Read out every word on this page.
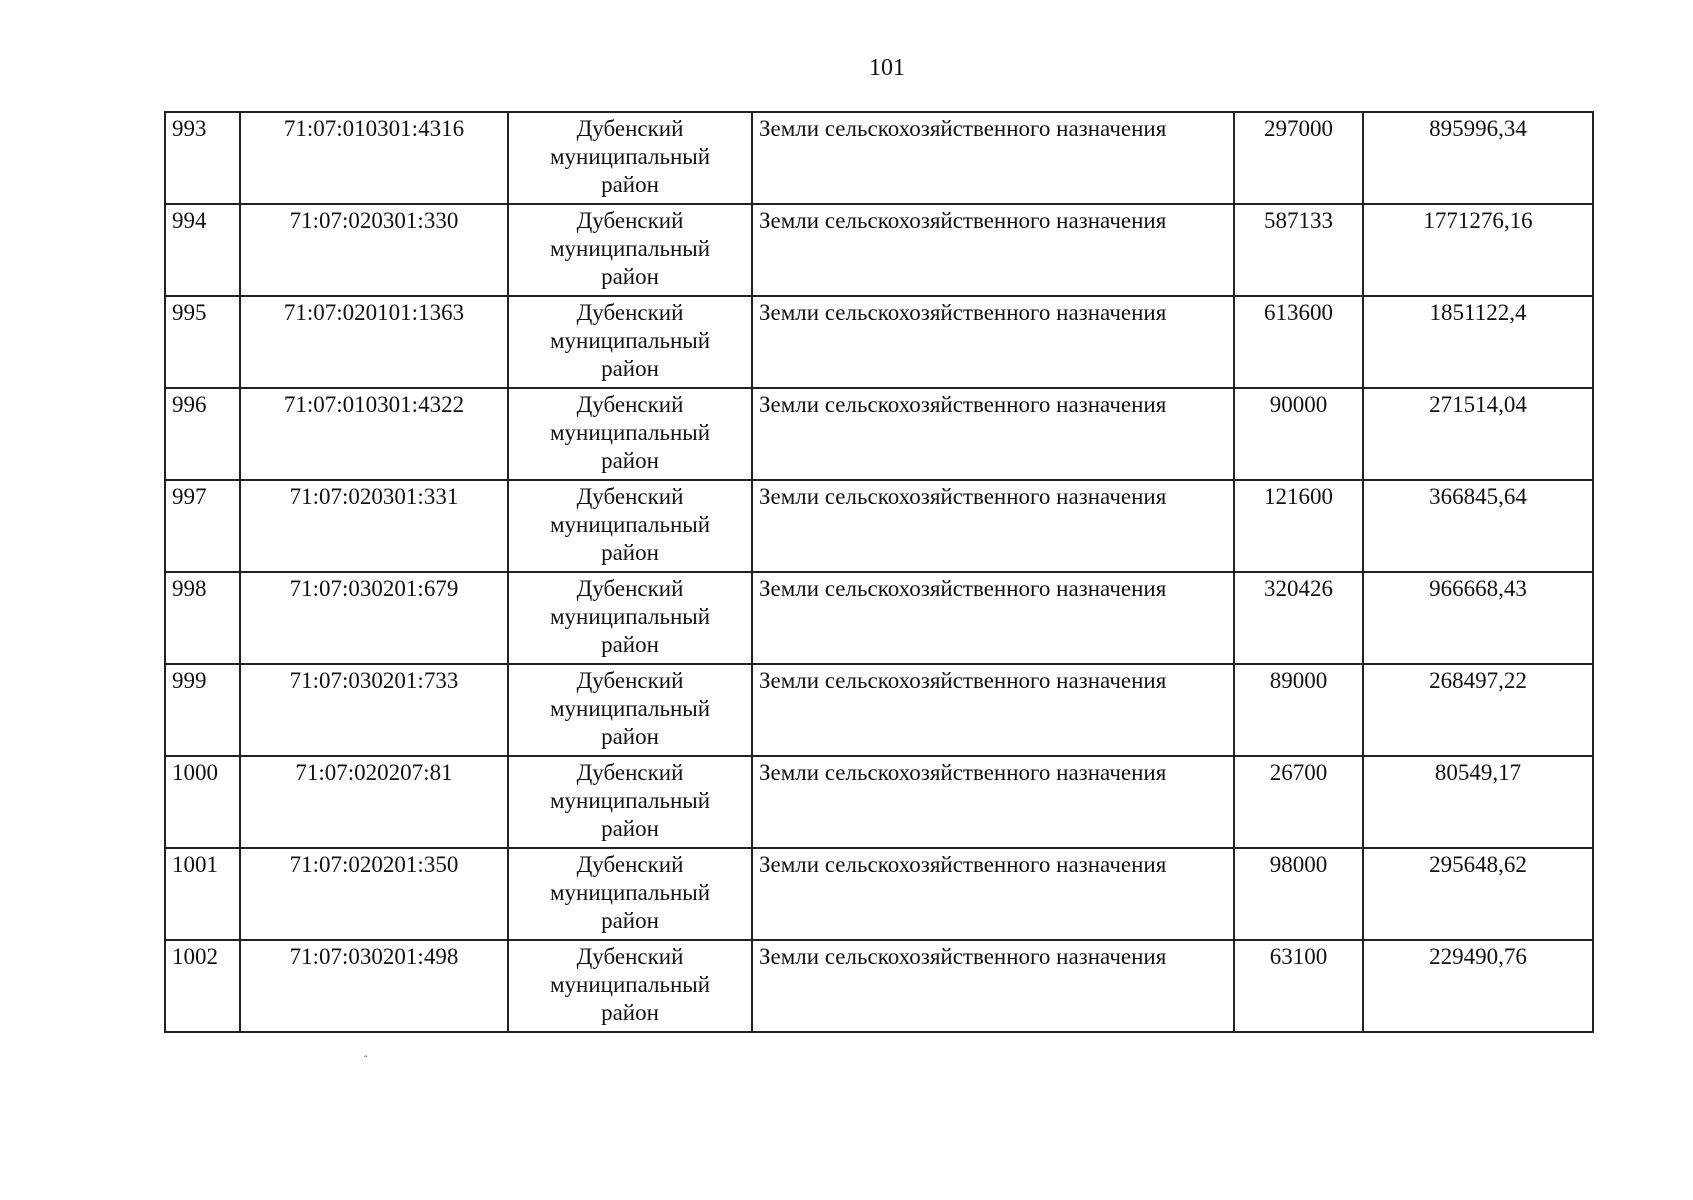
101
993	71:07:010301:4316	Дубенский
муниципальный
район	Земли сельскохозяйственного назначения	297000	895996,34
994	71:07:020301:330	Дубенский
муниципальный
район	Земли сельскохозяйственного назначения	587133	1771276,16
995	71:07:020101:1363	Дубенский
муниципальный
район	Земли сельскохозяйственного назначения	613600	1851122,4
996	71:07:010301:4322	Дубенский
муниципальный
район	Земли сельскохозяйственного назначения	90000	271514,04
997	71:07:020301:331	Дубенский
муниципальный
район	Земли сельскохозяйственного назначения	121600	366845,64
998	71:07:030201:679	Дубенский
муниципальный
район	Земли сельскохозяйственного назначения	320426	966668,43
999	71:07:030201:733	Дубенский
муниципальный
район	Земли сельскохозяйственного назначения	89000	268497,22
1000	71:07:020207:81	Дубенский
муниципальный
район	Земли сельскохозяйственного назначения	26700	80549,17
1001	71:07:020201:350	Дубенский
муниципальный
район	Земли сельскохозяйственного назначения	98000	295648,62
1002	71:07:030201:498	Дубенский
муниципальный
район	Земли сельскохозяйственного назначения	63100	229490,76
ˆ
